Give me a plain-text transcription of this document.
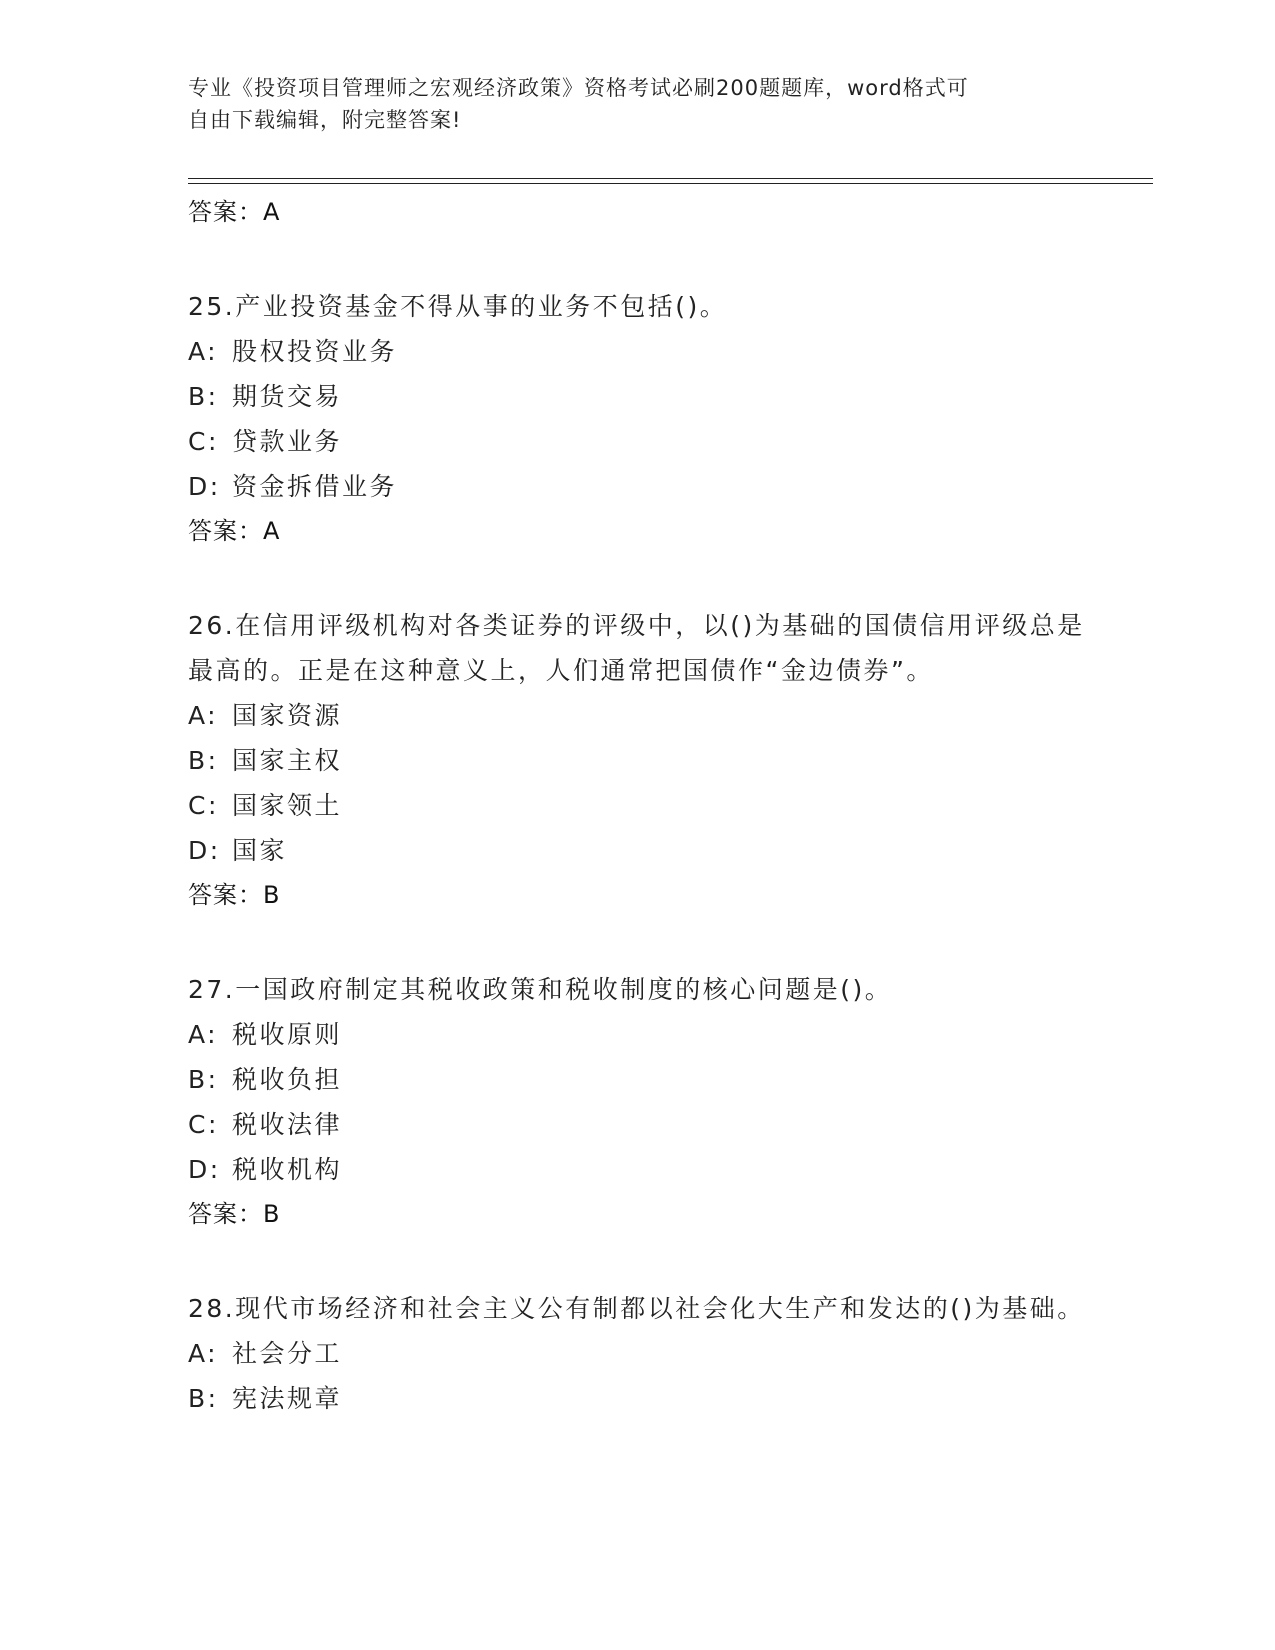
专业《投资项目管理师之宏观经济政策》资格考试必刷200题题库，word格式可
自由下载编辑，附完整答案!
答案：A
25.产业投资基金不得从事的业务不包括()。
A: 股权投资业务
B: 期货交易
C: 贷款业务
D: 资金拆借业务
答案：A
26.在信用评级机构对各类证券的评级中，以()为基础的国债信用评级总是最高的。正是在这种意义上，人们通常把国债作“金边债券”。
A: 国家资源
B: 国家主权
C: 国家领土
D: 国家
答案：B
27.一国政府制定其税收政策和税收制度的核心问题是()。
A: 税收原则
B: 税收负担
C: 税收法律
D: 税收机构
答案：B
28.现代市场经济和社会主义公有制都以社会化大生产和发达的()为基础。
A: 社会分工
B: 宪法规章
